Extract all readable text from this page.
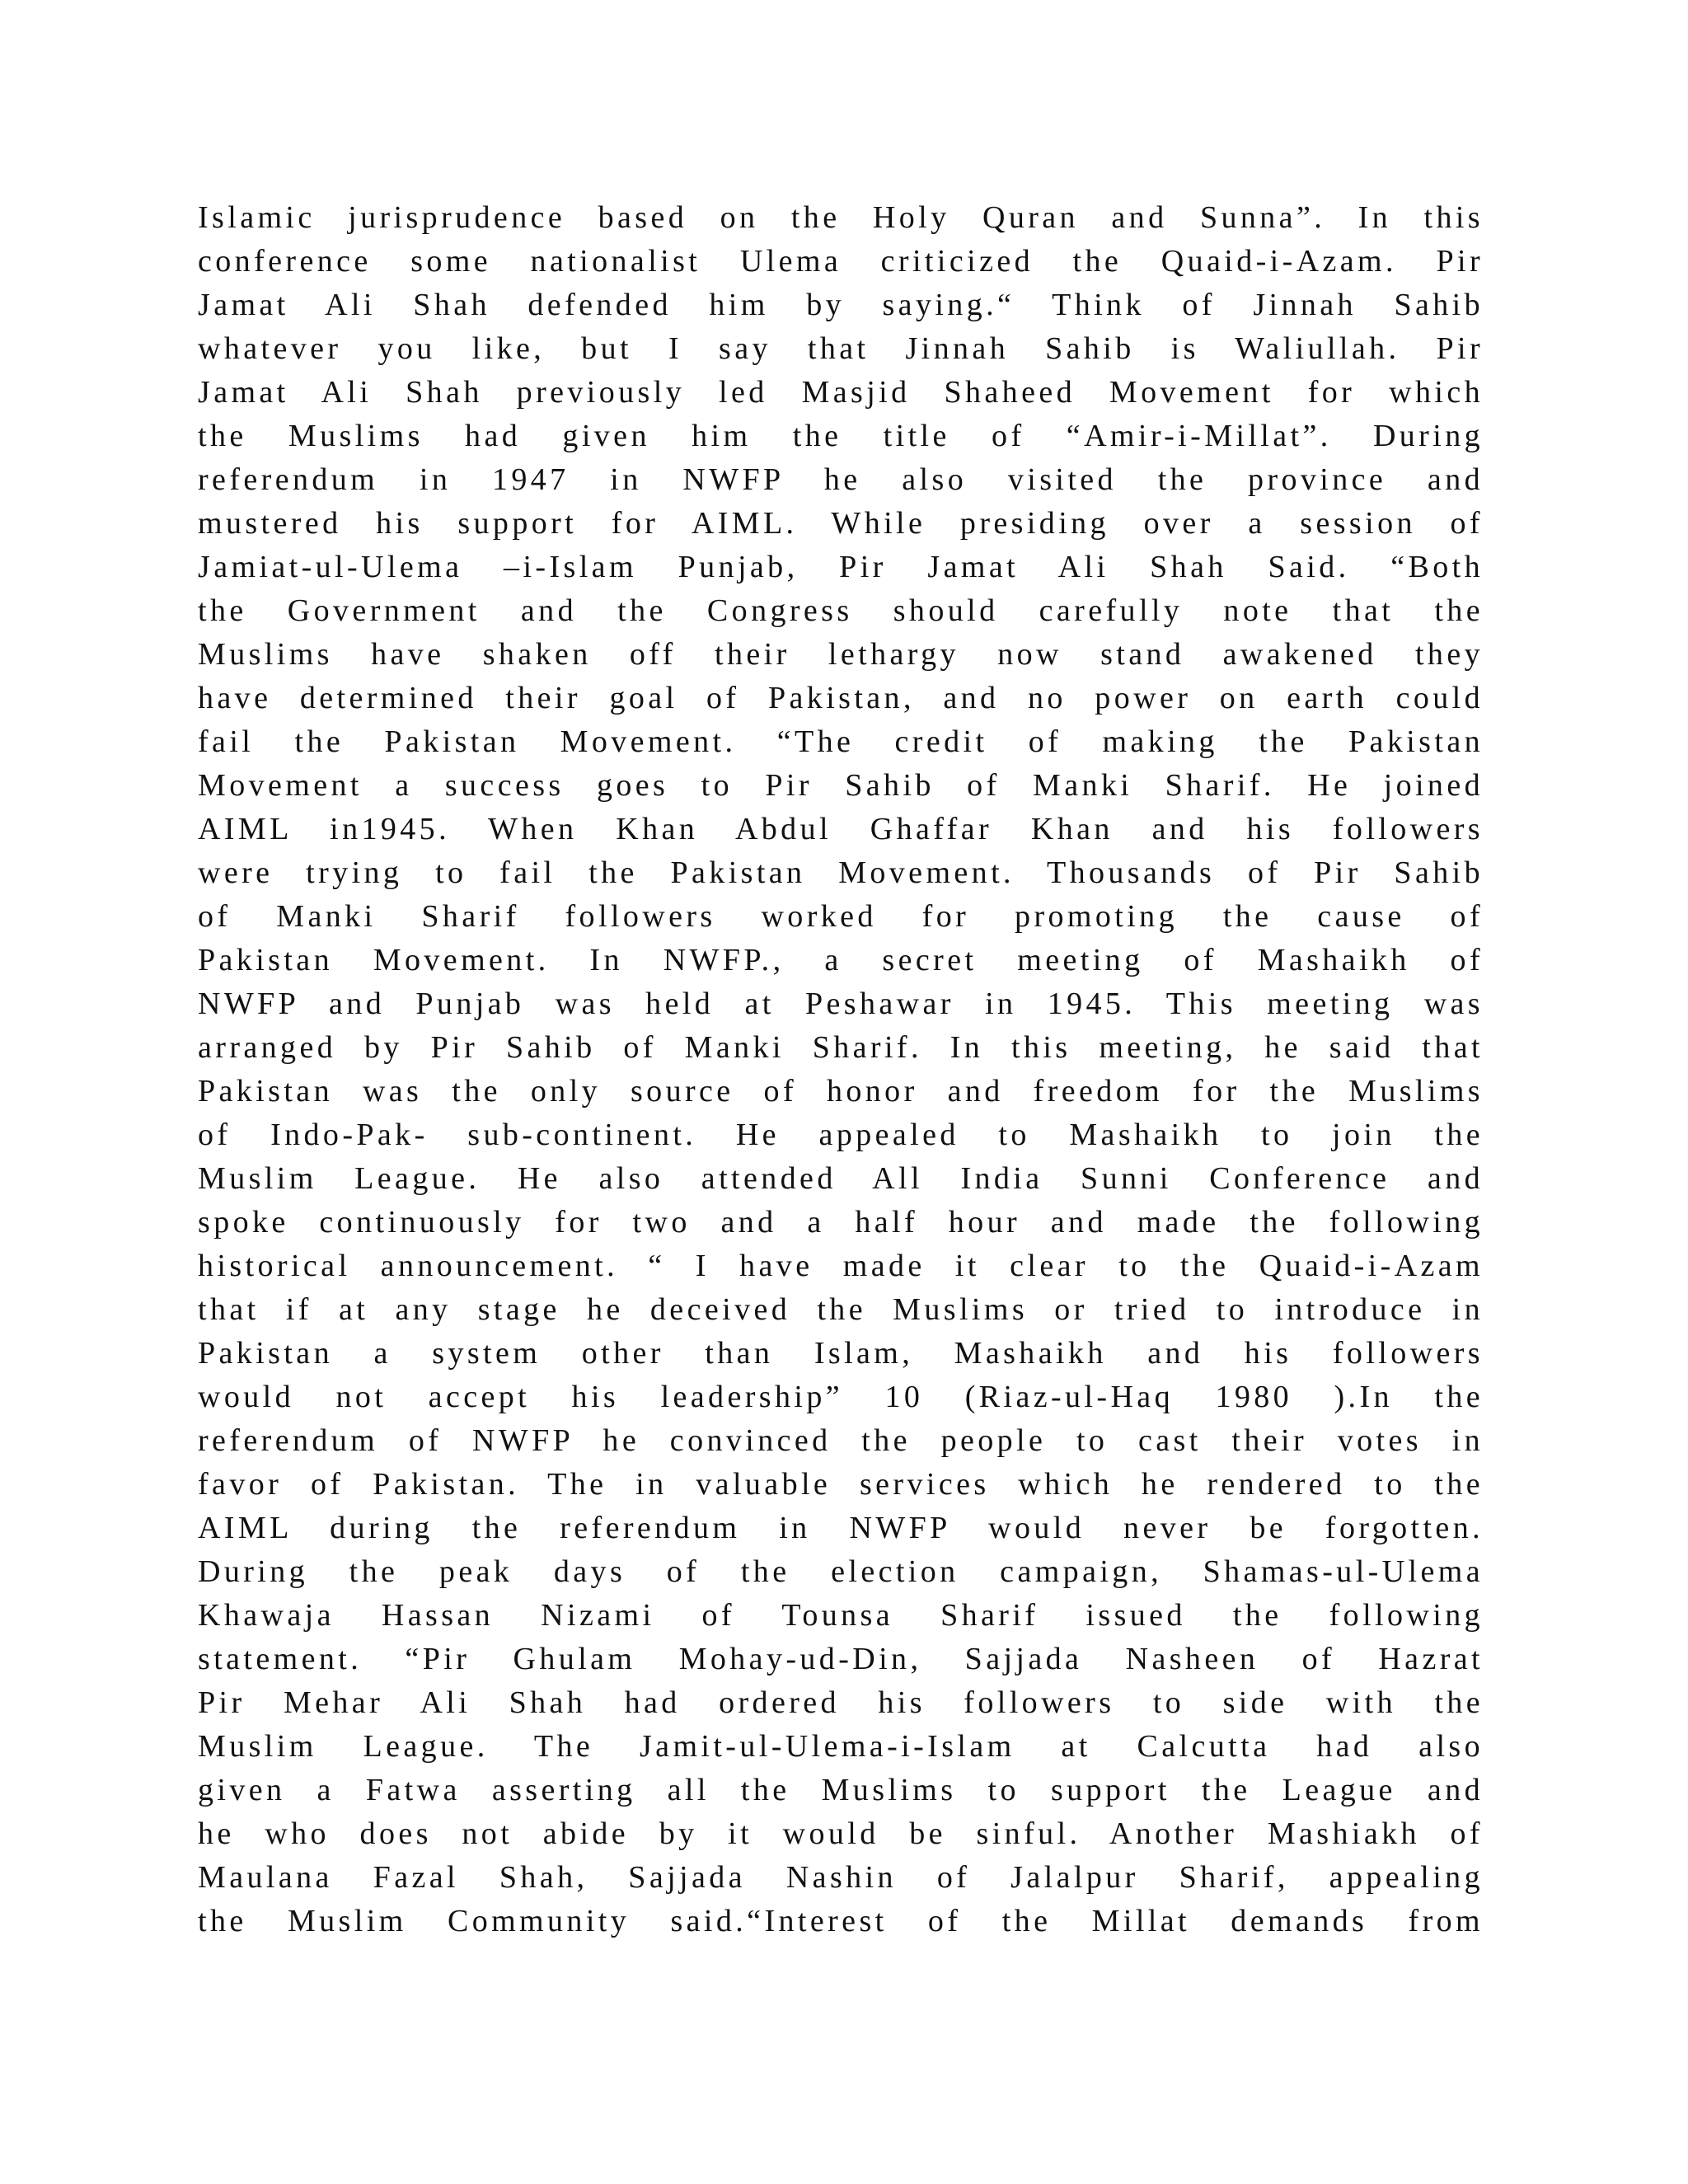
Islamic jurisprudence based on the Holy Quran and Sunna”. In this
conference some nationalist Ulema criticized the Quaid-i-Azam. Pir
Jamat Ali Shah defended him by saying.“ Think of Jinnah Sahib
whatever you like, but I say that Jinnah Sahib is Waliullah. Pir
Jamat Ali Shah previously led Masjid Shaheed Movement for which
the Muslims had given him the title of “Amir-i-Millat”. During
referendum in 1947 in NWFP he also visited the province and
mustered his support for AIML. While presiding over a session of
Jamiat-ul-Ulema –i-Islam Punjab, Pir Jamat Ali Shah Said. “Both
the Government and the Congress should carefully note that the
Muslims have shaken off their lethargy now stand awakened they
have determined their goal of Pakistan, and no power on earth could
fail the Pakistan Movement. “The credit of making the Pakistan
Movement a success goes to Pir Sahib of Manki Sharif. He joined
AIML in1945. When Khan Abdul Ghaffar Khan and his followers
were trying to fail the Pakistan Movement. Thousands of Pir Sahib
of Manki Sharif followers worked for promoting the cause of
Pakistan Movement. In NWFP., a secret meeting of Mashaikh of
NWFP and Punjab was held at Peshawar in 1945. This meeting was
arranged by Pir Sahib of Manki Sharif. In this meeting, he said that
Pakistan was the only source of honor and freedom for the Muslims
of Indo-Pak- sub-continent. He appealed to Mashaikh to join the
Muslim League. He also attended All India Sunni Conference and
spoke continuously for two and a half hour and made the following
historical announcement. “ I have made it clear to the Quaid-i-Azam
that if at any stage he deceived the Muslims or tried to introduce in
Pakistan a system other than Islam, Mashaikh and his followers
would not accept his leadership” 10 (Riaz-ul-Haq 1980 ).In the
referendum of NWFP he convinced the people to cast their votes in
favor of Pakistan. The in valuable services which he rendered to the
AIML during the referendum in NWFP would never be forgotten.
During the peak days of the election campaign, Shamas-ul-Ulema
Khawaja Hassan Nizami of Tounsa Sharif issued the following
statement. “Pir Ghulam Mohay-ud-Din, Sajjada Nasheen of Hazrat
Pir Mehar Ali Shah had ordered his followers to side with the
Muslim League. The Jamit-ul-Ulema-i-Islam at Calcutta had also
given a Fatwa asserting all the Muslims to support the League and
he who does not abide by it would be sinful. Another Mashiakh of
Maulana Fazal Shah, Sajjada Nashin of Jalalpur Sharif, appealing
the Muslim Community said.“Interest of the Millat demands from
